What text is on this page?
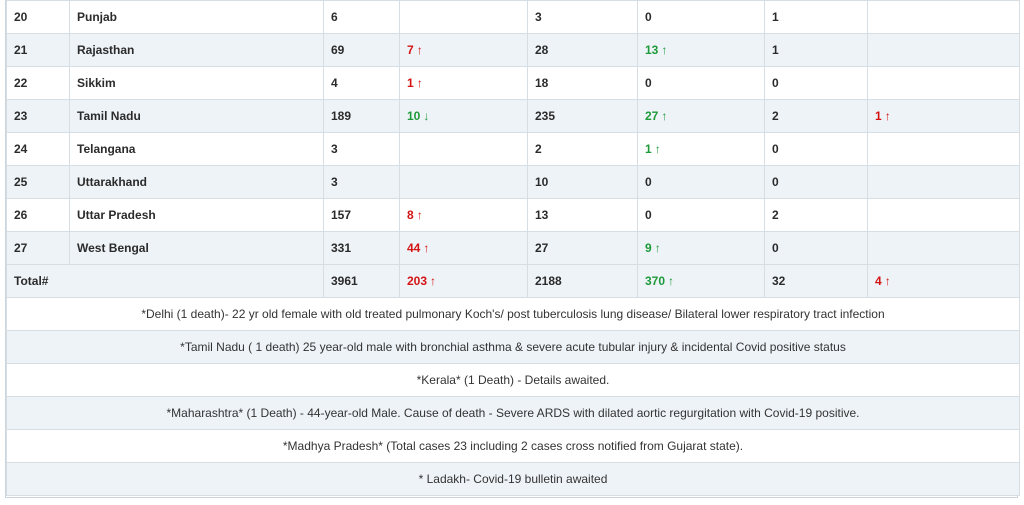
20	Punjab	6		3	0	1	
21	Rajasthan	69	7 ↑	28	13 ↑	1	
22	Sikkim	4	1 ↑	18	0	0	
23	Tamil Nadu	189	10 ↓	235	27 ↑	2	1 ↑
24	Telangana	3		2	1 ↑	0	
25	Uttarakhand	3		10	0	0	
26	Uttar Pradesh	157	8 ↑	13	0	2	
27	West Bengal	331	44 ↑	27	9 ↑	0	
Total#		3961	203 ↑	2188	370 ↑	32	4 ↑
*Delhi (1 death)- 22 yr old female with old treated pulmonary Koch's/ post tuberculosis lung disease/ Bilateral lower respiratory tract infection							
*Tamil Nadu ( 1 death) 25 year-old male with bronchial asthma & severe acute tubular injury & incidental Covid positive status							
*Kerala* (1 Death) - Details awaited.							
*Maharashtra* (1 Death) - 44-year-old Male. Cause of death - Severe ARDS with dilated aortic regurgitation with Covid-19 positive.							
*Madhya Pradesh* (Total cases 23 including 2 cases cross notified from Gujarat state).							
* Ladakh- Covid-19 bulletin awaited							
